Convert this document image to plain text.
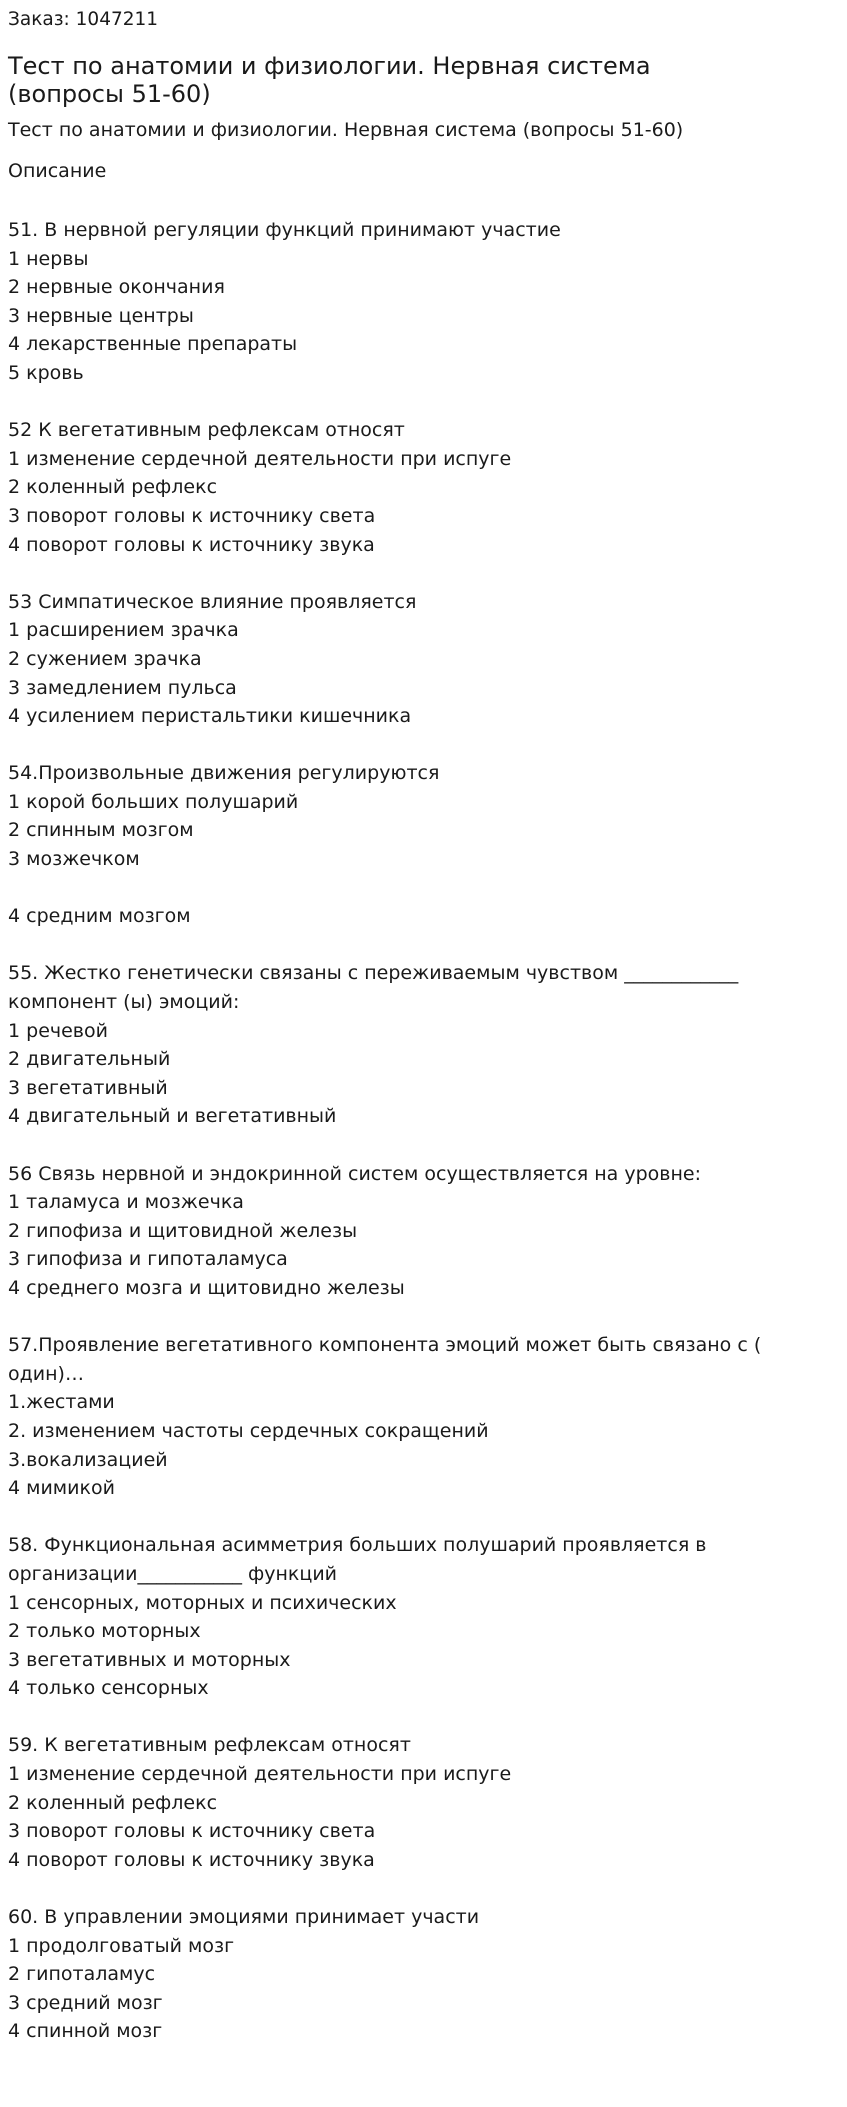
Заказ: 1047211

Тест по анатомии и физиологии. Нервная система (вопросы 51-60)

Тест по анатомии и физиологии. Нервная система (вопросы 51-60)

Описание

51. В нервной регуляции функций принимают участие
1 нервы
2 нервные окончания
3 нервные центры
4 лекарственные препараты
5 кровь
52 К вегетативным рефлексам относят
1 изменение сердечной деятельности при испуге
2 коленный рефлекс
3 поворот головы к источнику света
4 поворот головы к источнику звука
53 Симпатическое влияние проявляется
1 расширением зрачка
2 сужением зрачка
3 замедлением пульса
4 усилением перистальтики кишечника
54.Произвольные движения регулируются
1 корой больших полушарий
2 спинным мозгом
3 мозжечком
4 средним мозгом
55. Жестко генетически связаны с переживаемым чувством ____________ компонент (ы) эмоций:
1 речевой
2 двигательный
3 вегетативный
4 двигательный и вегетативный
56 Связь нервной и эндокринной систем осуществляется на уровне:
1 таламуса и мозжечка
2 гипофиза и щитовидной железы
3 гипофиза и гипоталамуса
4 среднего мозга и щитовидно железы
57.Проявление вегетативного компонента эмоций может быть связано с ( один)…
1.жестами
2. изменением частоты сердечных сокращений
3.вокализацией
4 мимикой
58. Функциональная асимметрия больших полушарий проявляется в организации___________ функций
1 сенсорных, моторных и психических
2 только моторных
3 вегетативных и моторных
4 только сенсорных
59. К вегетативным рефлексам относят
1 изменение сердечной деятельности при испуге
2 коленный рефлекс
3 поворот головы к источнику света
4 поворот головы к источнику звука
60. В управлении эмоциями принимает участи
1 продолговатый мозг
2 гипоталамус
3 средний мозг
4 спинной мозг
